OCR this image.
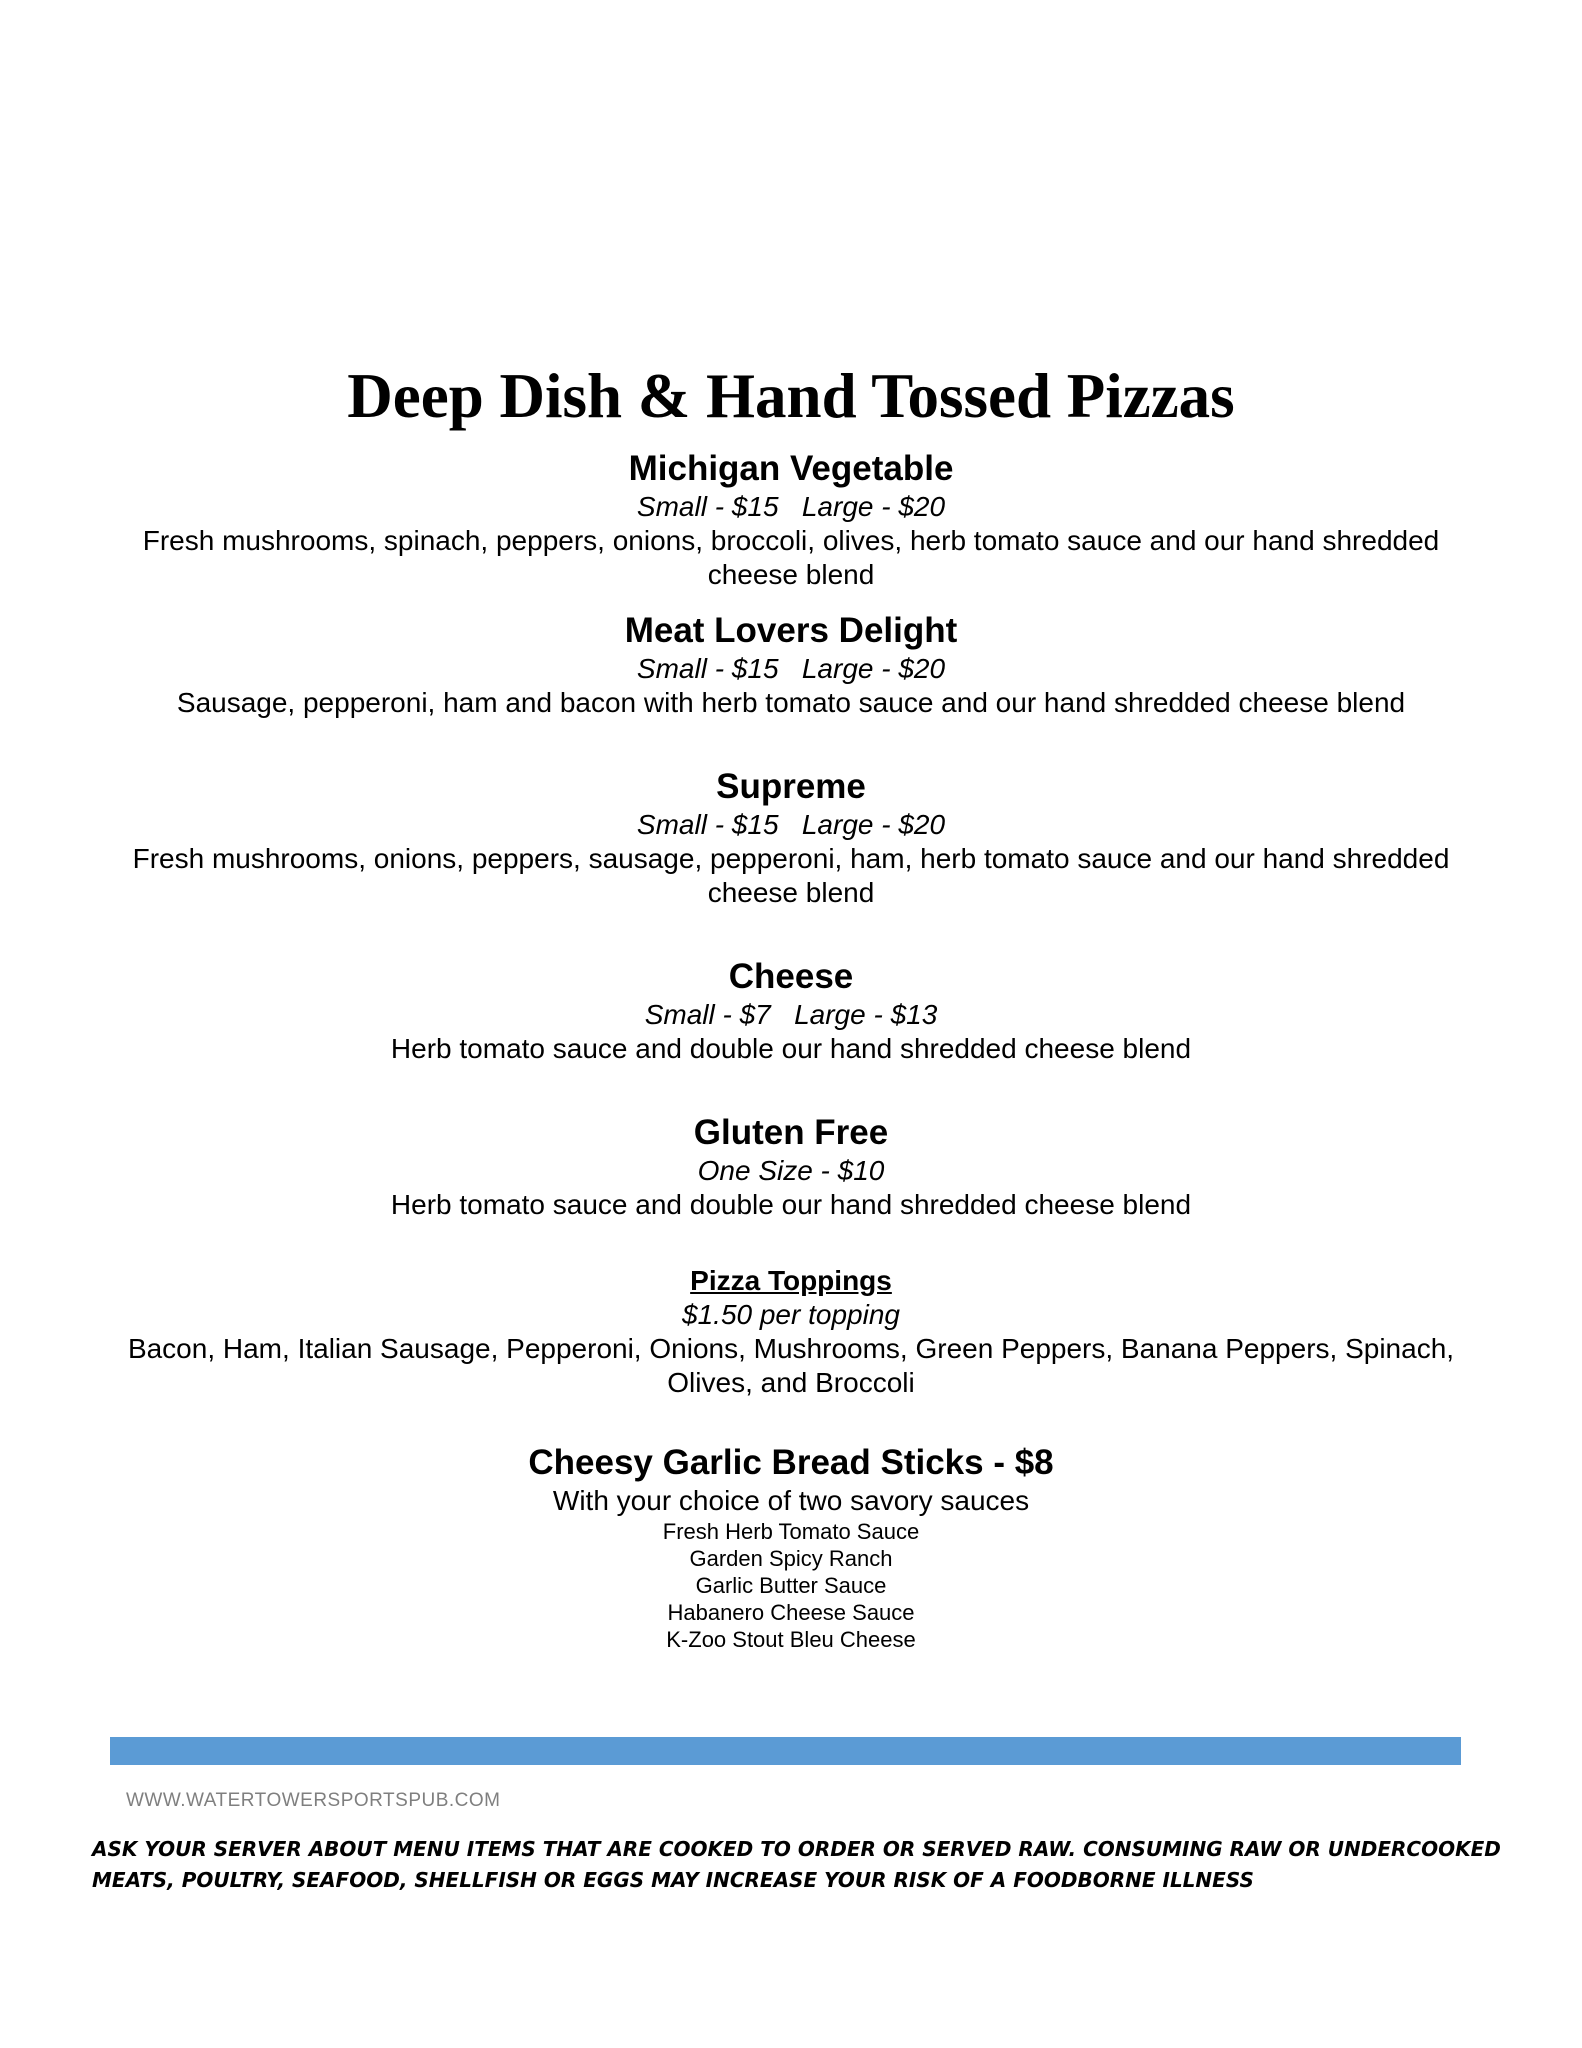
Deep Dish & Hand Tossed Pizzas
Michigan Vegetable
Small - $15   Large - $20
Fresh mushrooms, spinach, peppers, onions, broccoli, olives, herb tomato sauce and our hand shredded cheese blend
Meat Lovers Delight
Small - $15   Large - $20
Sausage, pepperoni, ham and bacon with herb tomato sauce and our hand shredded cheese blend
Supreme
Small - $15   Large - $20
Fresh mushrooms, onions, peppers, sausage, pepperoni, ham, herb tomato sauce and our hand shredded cheese blend
Cheese
Small - $7   Large - $13
Herb tomato sauce and double our hand shredded cheese blend
Gluten Free
One Size - $10
Herb tomato sauce and double our hand shredded cheese blend
Pizza Toppings
$1.50 per topping
Bacon, Ham, Italian Sausage, Pepperoni, Onions, Mushrooms, Green Peppers, Banana Peppers, Spinach, Olives, and Broccoli
Cheesy Garlic Bread Sticks - $8
With your choice of two savory sauces
Fresh Herb Tomato Sauce
Garden Spicy Ranch
Garlic Butter Sauce
Habanero Cheese Sauce
K-Zoo Stout Bleu Cheese
WWW.WATERTOWERSPORTSPUB.COM
ASK YOUR SERVER ABOUT MENU ITEMS THAT ARE COOKED TO ORDER OR SERVED RAW. CONSUMING RAW OR UNDERCOOKED
MEATS, POULTRY, SEAFOOD, SHELLFISH OR EGGS MAY INCREASE YOUR RISK OF A FOODBORNE ILLNESS
